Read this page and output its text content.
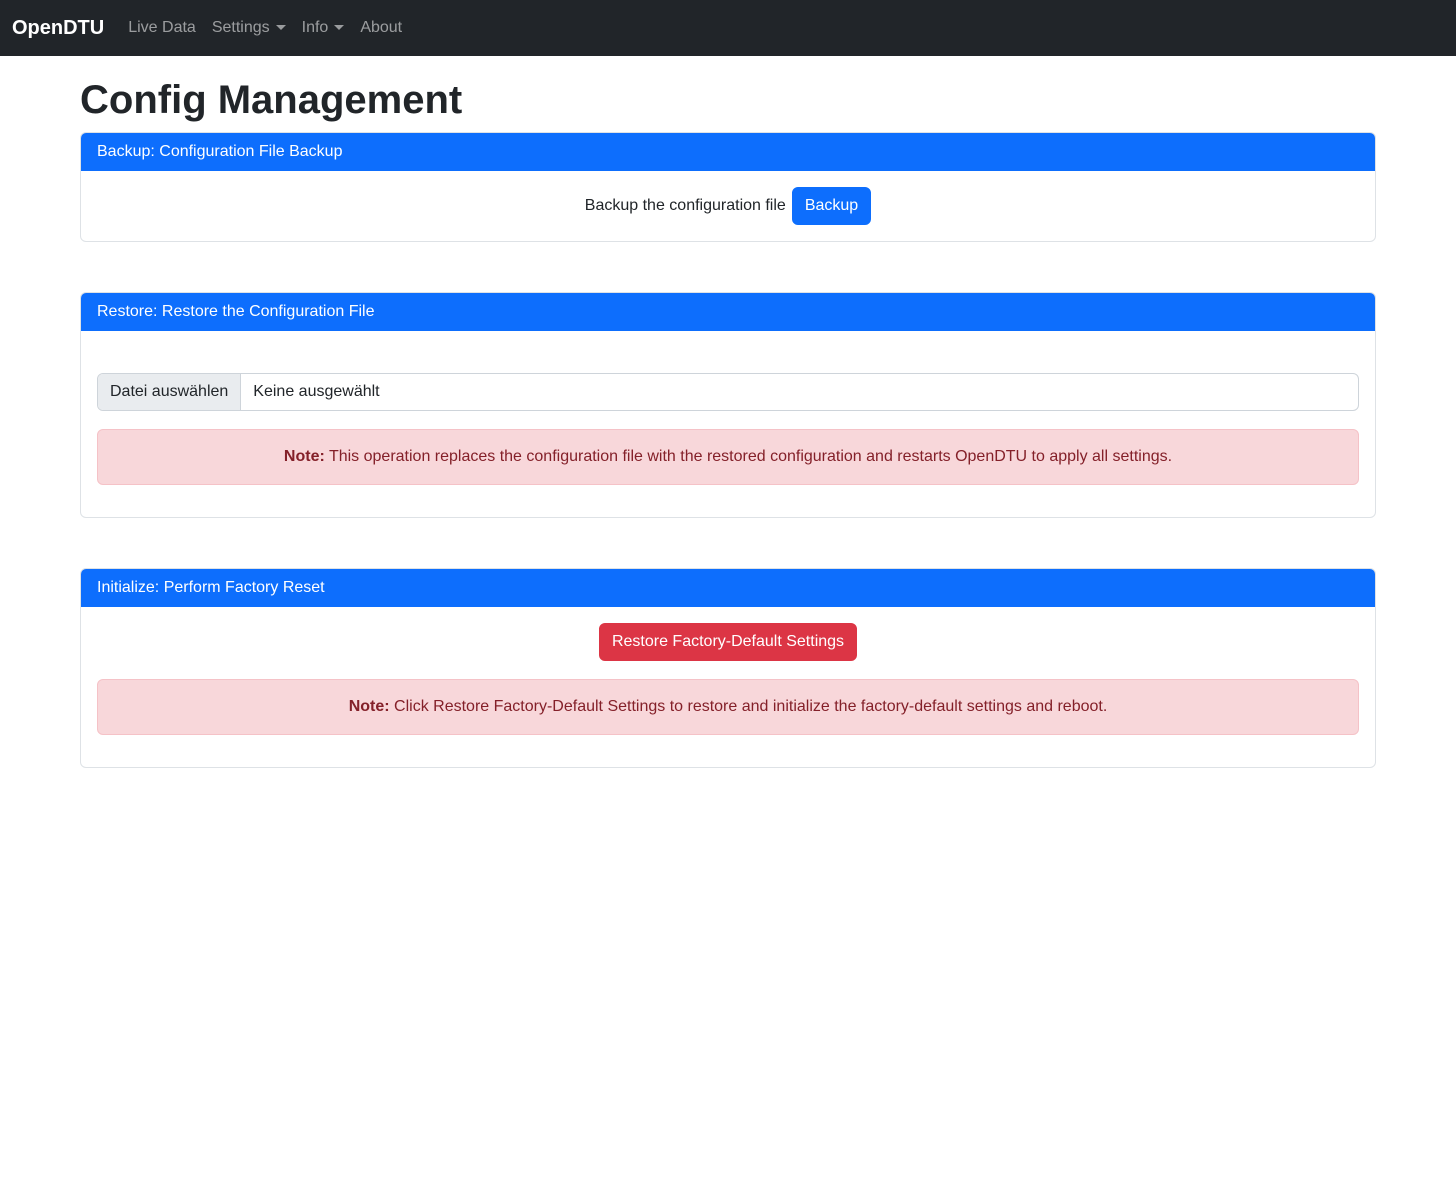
OpenDTU	Live Data	Settings	Info	About
Config Management
Backup: Configuration File Backup
Backup the configuration file Backup
Restore: Restore the Configuration File
Datei auswählen	Keine ausgewählt
Note: This operation replaces the configuration file with the restored configuration and restarts OpenDTU to apply all settings.
Initialize: Perform Factory Reset
Restore Factory-Default Settings
Note: Click Restore Factory-Default Settings to restore and initialize the factory-default settings and reboot.
